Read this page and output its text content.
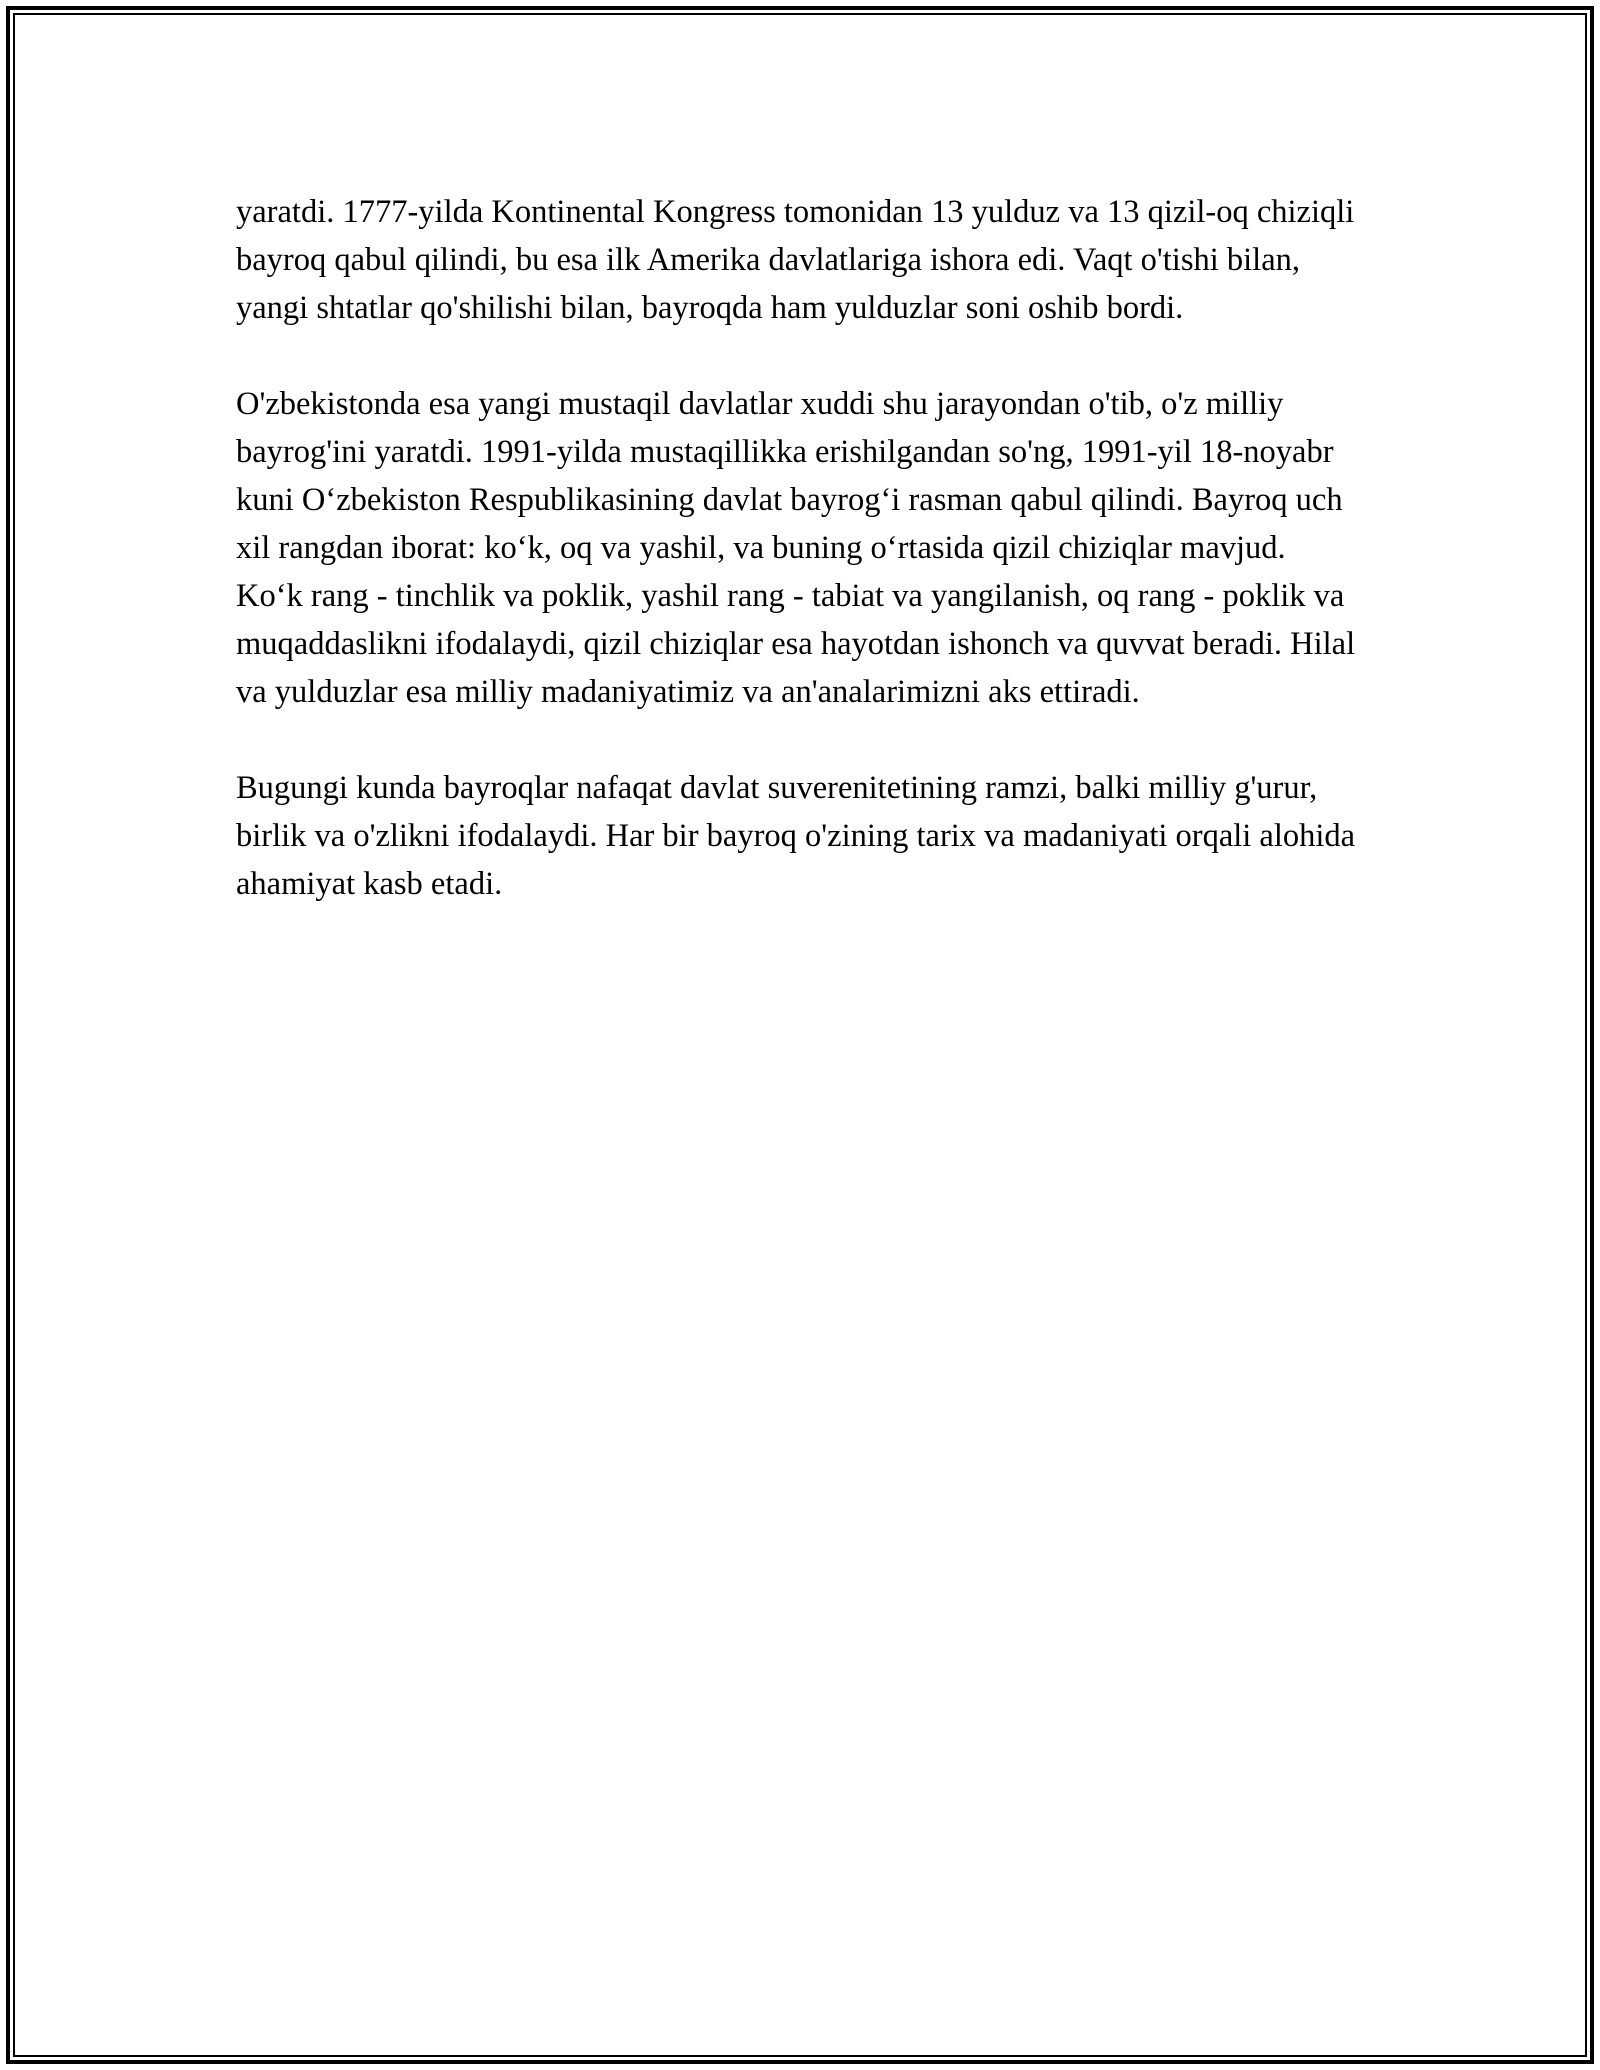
yaratdi. 1777-yilda Kontinental Kongress tomonidan 13 yulduz va 13 qizil-oq chiziqli bayroq qabul qilindi, bu esa ilk Amerika davlatlariga ishora edi. Vaqt o'tishi bilan, yangi shtatlar qo'shilishi bilan, bayroqda ham yulduzlar soni oshib bordi.

O'zbekistonda esa yangi mustaqil davlatlar xuddi shu jarayondan o'tib, o'z milliy bayrog'ini yaratdi. 1991-yilda mustaqillikka erishilgandan so'ng, 1991-yil 18-noyabr kuni O‘zbekiston Respublikasining davlat bayrog‘i rasman qabul qilindi. Bayroq uch xil rangdan iborat: ko‘k, oq va yashil, va buning o‘rtasida qizil chiziqlar mavjud. Ko‘k rang - tinchlik va poklik, yashil rang - tabiat va yangilanish, oq rang - poklik va muqaddaslikni ifodalaydi, qizil chiziqlar esa hayotdan ishonch va quvvat beradi. Hilal va yulduzlar esa milliy madaniyatimiz va an'analarimizni aks ettiradi.

Bugungi kunda bayroqlar nafaqat davlat suverenitetining ramzi, balki milliy g'urur, birlik va o'zlikni ifodalaydi. Har bir bayroq o'zining tarix va madaniyati orqali alohida ahamiyat kasb etadi.
